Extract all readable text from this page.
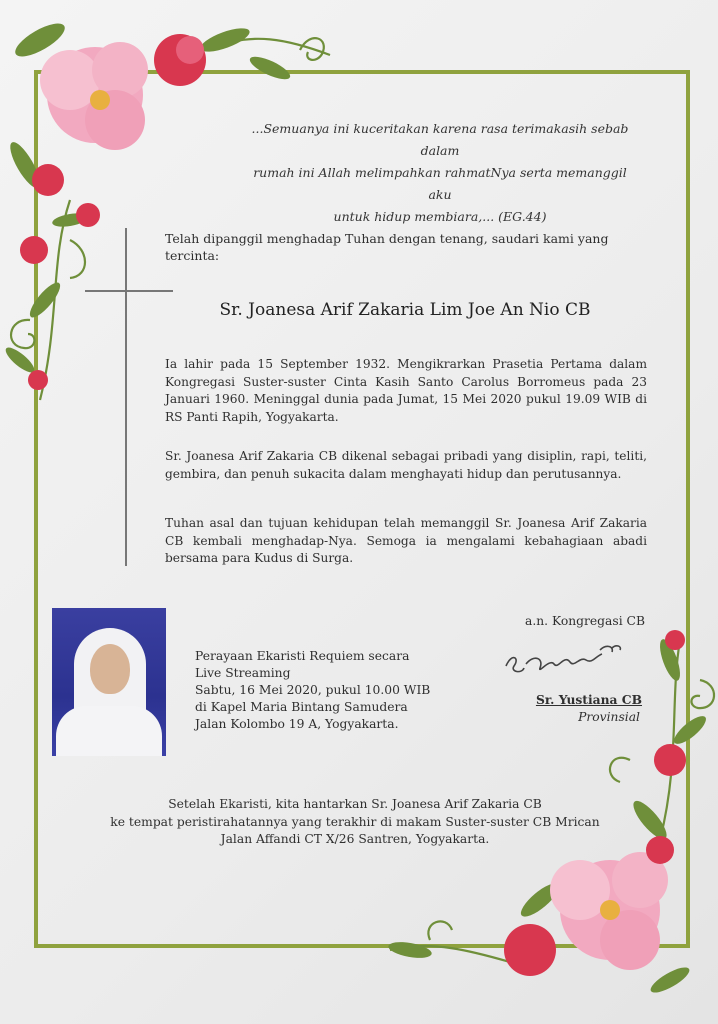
...Semuanya ini kuceritakan karena rasa terimakasih sebab dalam
rumah ini Allah melimpahkan rahmatNya serta memanggil aku
untuk hidup membiara,... (EG.44)
Telah dipanggil menghadap Tuhan dengan tenang, saudari kami yang tercinta:
Sr. Joanesa Arif Zakaria Lim Joe An Nio CB
Ia lahir pada 15 September 1932. Mengikrarkan Prasetia Pertama dalam Kongregasi Suster-suster Cinta Kasih Santo Carolus Borromeus pada 23 Januari 1960. Meninggal dunia pada Jumat, 15 Mei 2020 pukul 19.09 WIB di RS Panti Rapih, Yogyakarta.
Sr. Joanesa Arif Zakaria CB dikenal sebagai pribadi yang disiplin, rapi, teliti, gembira, dan penuh sukacita dalam menghayati hidup dan perutusannya.
Tuhan asal dan tujuan kehidupan telah memanggil Sr. Joanesa Arif Zakaria CB kembali menghadap-Nya. Semoga ia mengalami kebahagiaan abadi bersama para Kudus di Surga.
Perayaan Ekaristi Requiem secara
Live Streaming
Sabtu, 16 Mei 2020, pukul 10.00 WIB
di Kapel Maria Bintang Samudera
Jalan Kolombo 19 A, Yogyakarta.
a.n. Kongregasi CB
Sr. Yustiana CB
Provinsial
Setelah Ekaristi, kita hantarkan Sr. Joanesa Arif Zakaria CB
ke tempat peristirahatannya yang terakhir di makam Suster-suster CB Mrican
Jalan Affandi CT X/26 Santren, Yogyakarta.
